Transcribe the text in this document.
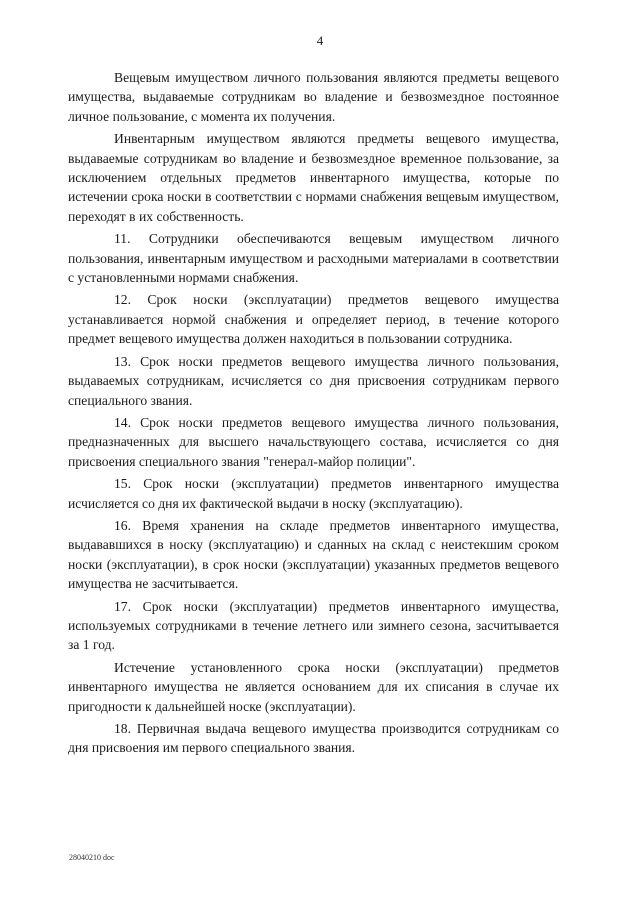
4

Вещевым имуществом личного пользования являются предметы вещевого имущества, выдаваемые сотрудникам во владение и безвозмездное постоянное личное пользование, с момента их получения.

Инвентарным имуществом являются предметы вещевого имущества, выдаваемые сотрудникам во владение и безвозмездное временное пользование, за исключением отдельных предметов инвентарного имущества, которые по истечении срока носки в соответствии с нормами снабжения вещевым имуществом, переходят в их собственность.

11. Сотрудники обеспечиваются вещевым имуществом личного пользования, инвентарным имуществом и расходными материалами в соответствии с установленными нормами снабжения.

12. Срок носки (эксплуатации) предметов вещевого имущества устанавливается нормой снабжения и определяет период, в течение которого предмет вещевого имущества должен находиться в пользовании сотрудника.

13. Срок носки предметов вещевого имущества личного пользования, выдаваемых сотрудникам, исчисляется со дня присвоения сотрудникам первого специального звания.

14. Срок носки предметов вещевого имущества личного пользования, предназначенных для высшего начальствующего состава, исчисляется со дня присвоения специального звания "генерал-майор полиции".

15. Срок носки (эксплуатации) предметов инвентарного имущества исчисляется со дня их фактической выдачи в носку (эксплуатацию).

16. Время хранения на складе предметов инвентарного имущества, выдававшихся в носку (эксплуатацию) и сданных на склад с неистекшим сроком носки (эксплуатации), в срок носки (эксплуатации) указанных предметов вещевого имущества не засчитывается.

17. Срок носки (эксплуатации) предметов инвентарного имущества, используемых сотрудниками в течение летнего или зимнего сезона, засчитывается за 1 год.

Истечение установленного срока носки (эксплуатации) предметов инвентарного имущества не является основанием для их списания в случае их пригодности к дальнейшей носке (эксплуатации).

18. Первичная выдача вещевого имущества производится сотрудникам со дня присвоения им первого специального звания.

28040210 doc
